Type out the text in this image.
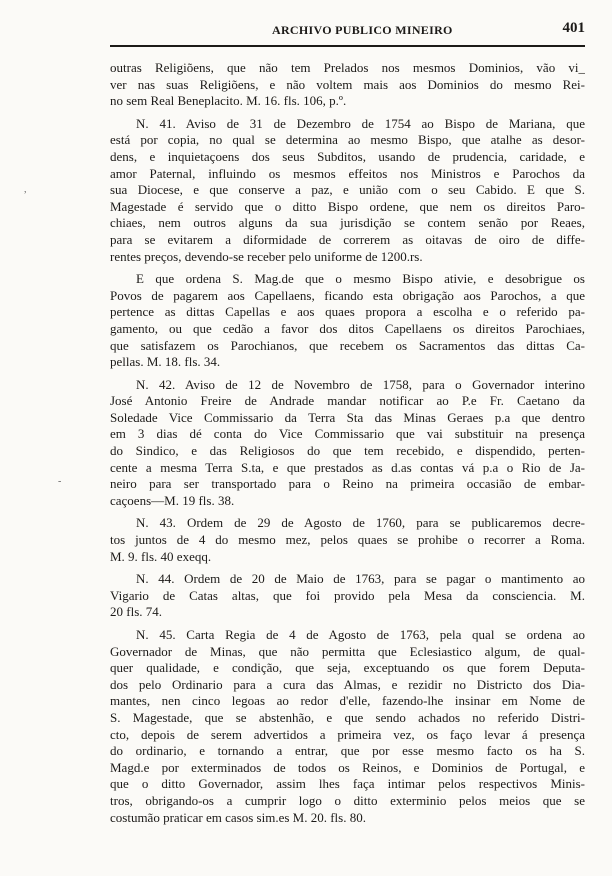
ARCHIVO PUBLICO MINEIRO	401
,
-
outras Religiõens, que não tem Prelados nos mesmos Dominios, vão vi_
ver nas suas Religiõens, e não voltem mais aos Dominios do mesmo Rei-
no sem Real Beneplacito. M. 16. fls. 106, p.º.
N. 41. Aviso de 31 de Dezembro de 1754 ao Bispo de Mariana, que
está por copia, no qual se determina ao mesmo Bispo, que atalhe as desor-
dens, e inquietaçoens dos seus Subditos, usando de prudencia, caridade, e
amor Paternal, influindo os mesmos effeitos nos Ministros e Parochos da
sua Diocese, e que conserve a paz, e união com o seu Cabido. E que S.
Magestade é servido que o ditto Bispo ordene, que nem os direitos Paro-
chiaes, nem outros alguns da sua jurisdição se contem senão por Reaes,
para se evitarem a diformidade de correrem as oitavas de oiro de diffe-
rentes preços, devendo-se receber pelo uniforme de 1200.rs.
E que ordena S. Mag.de que o mesmo Bispo ativie, e desobrigue os
Povos de pagarem aos Capellaens, ficando esta obrigação aos Parochos, a que
pertence as dittas Capellas e aos quaes propora a escolha e o referido pa-
gamento, ou que cedão a favor dos ditos Capellaens os direitos Parochiaes,
que satisfazem os Parochianos, que recebem os Sacramentos das dittas Ca-
pellas. M. 18. fls. 34.
N. 42. Aviso de 12 de Novembro de 1758, para o Governador interino
José Antonio Freire de Andrade mandar notificar ao P.e Fr. Caetano da
Soledade Vice Commissario da Terra Sta das Minas Geraes p.a que dentro
em 3 dias dé conta do Vice Commissario que vai substituir na presença
do Sindico, e das Religiosos do que tem recebido, e dispendido, perten-
cente a mesma Terra S.ta, e que prestados as d.as contas vá p.a o Rio de Ja-
neiro para ser transportado para o Reino na primeira occasião de embar-
caçoens—M. 19 fls. 38.
N. 43. Ordem de 29 de Agosto de 1760, para se publicaremos decre-
tos juntos de 4 do mesmo mez, pelos quaes se prohibe o recorrer a Roma.
M. 9. fls. 40 exeqq.
N. 44. Ordem de 20 de Maio de 1763, para se pagar o mantimento ao
Vigario de Catas altas, que foi provido pela Mesa da consciencia. M.
20 fls. 74.
N. 45. Carta Regia de 4 de Agosto de 1763, pela qual se ordena ao
Governador de Minas, que não permitta que Eclesiastico algum, de qual-
quer qualidade, e condição, que seja, exceptuando os que forem Deputa-
dos pelo Ordinario para a cura das Almas, e rezidir no Districto dos Dia-
mantes, nen cinco legoas ao redor d'elle, fazendo-lhe insinar em Nome de
S. Magestade, que se abstenhão, e que sendo achados no referido Distri-
cto, depois de serem advertidos a primeira vez, os faço levar á presença
do ordinario, e tornando a entrar, que por esse mesmo facto os ha S.
Magd.e por exterminados de todos os Reinos, e Dominios de Portugal, e
que o ditto Governador, assim lhes faça intimar pelos respectivos Minis-
tros, obrigando-os a cumprir logo o ditto exterminio pelos meios que se
costumão praticar em casos sim.es M. 20. fls. 80.
